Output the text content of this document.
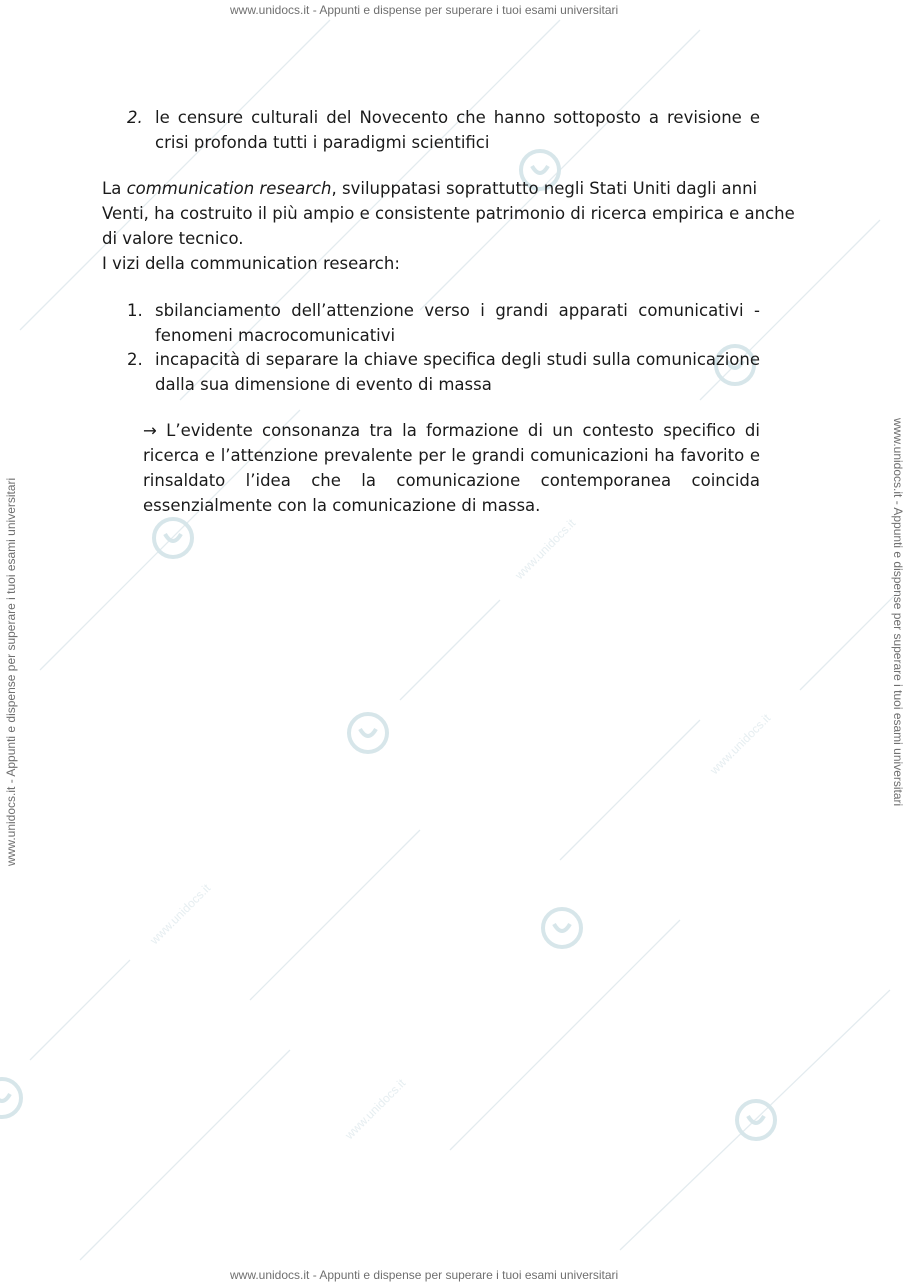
www.unidocs.it
www.unidocs.it
www.unidocs.it
www.unidocs.it
www.unidocs.it - Appunti e dispense per superare i tuoi esami universitari
www.unidocs.it - Appunti e dispense per superare i tuoi esami universitari
www.unidocs.it - Appunti e dispense per superare i tuoi esami universitari	www.unidocs.it - Appunti e dispense per superare i tuoi esami universitari
2. le censure culturali del Novecento che hanno sottoposto a revisione e crisi profonda tutti i paradigmi scientifici

La communication research, sviluppatasi soprattutto negli Stati Uniti dagli anni Venti, ha costruito il più ampio e consistente patrimonio di ricerca empirica e anche di valore tecnico.

I vizi della communication research:

1. sbilanciamento dell’attenzione verso i grandi apparati comunicativi - fenomeni macrocomunicativi
2. incapacità di separare la chiave specifica degli studi sulla comunicazione dalla sua dimensione di evento di massa
→ L’evidente consonanza tra la formazione di un contesto specifico di ricerca e l’attenzione prevalente per le grandi comunicazioni ha favorito e rinsaldato l’idea che la comunicazione contemporanea coincida essenzialmente con la comunicazione di massa.
